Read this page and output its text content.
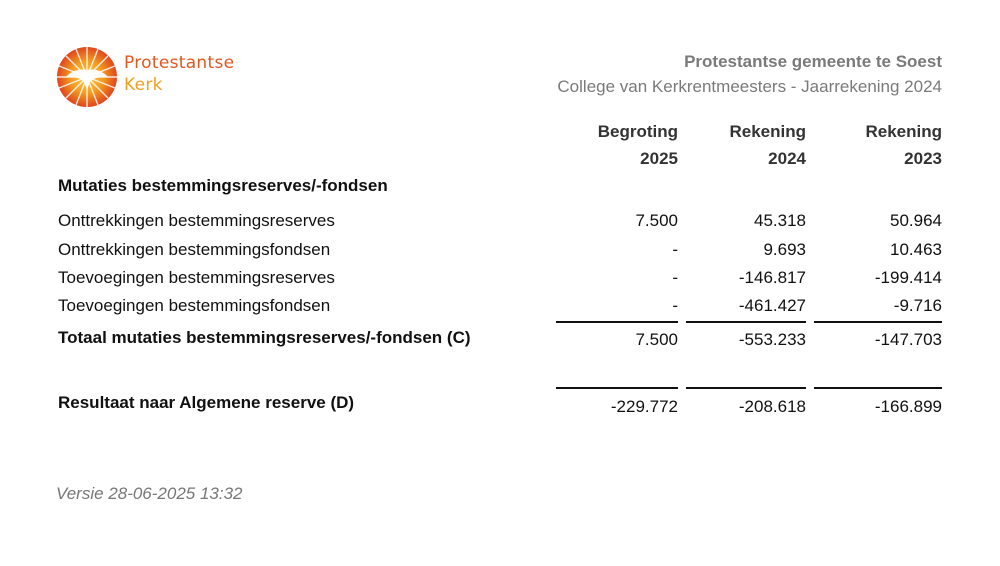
Protestantse
Kerk
Protestantse gemeente te Soest
College van Kerkrentmeesters - Jaarrekening 2024
Begroting
2025
Rekening
2024
Rekening
2023
Mutaties bestemmingsreserves/-fondsen
Onttrekkingen bestemmingsreserves	7.500	45.318	50.964
Onttrekkingen bestemmingsfondsen	-	9.693	10.463
Toevoegingen bestemmingsreserves	-	-146.817	-199.414
Toevoegingen bestemmingsfondsen	-	-461.427	-9.716
Totaal mutaties bestemmingsreserves/-fondsen (C)	7.500	-553.233	-147.703
Resultaat naar Algemene reserve (D)	-229.772	-208.618	-166.899
Versie 28-06-2025 13:32
